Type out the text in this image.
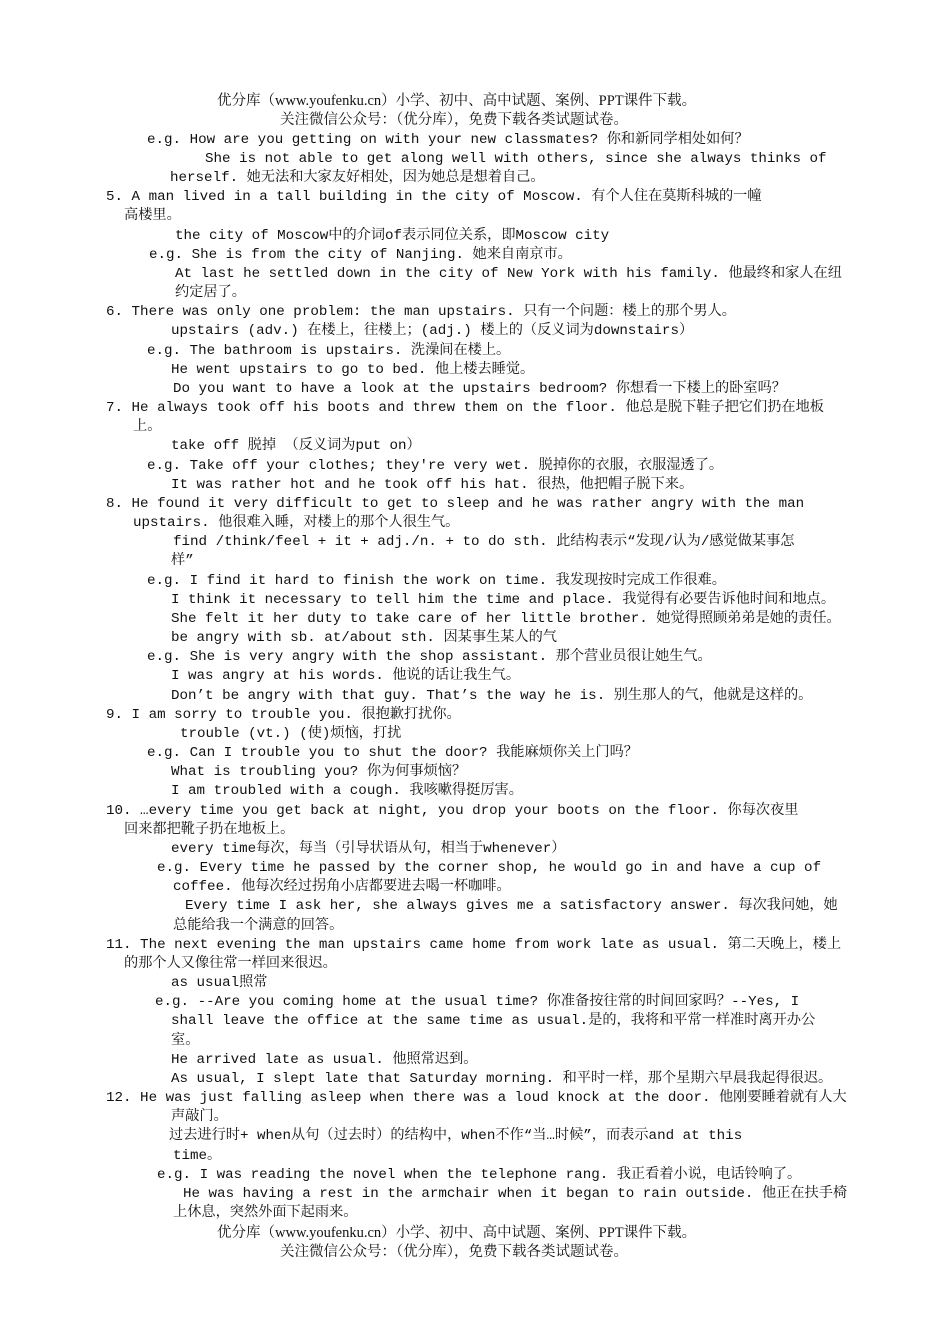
优分库（www.youfenku.cn）小学、初中、高中试题、案例、PPT课件下载。
关注微信公众号：（优分库），免费下载各类试题试卷。
e.g. How are you getting on with your new classmates? 你和新同学相处如何？
She is not able to get along well with others, since she always thinks of
herself. 她无法和大家友好相处，因为她总是想着自己。
5. A man lived in a tall building in the city of Moscow. 有个人住在莫斯科城的一幢
高楼里。
the city of Moscow中的介词of表示同位关系，即Moscow city
e.g. She is from the city of Nanjing. 她来自南京市。
At last he settled down in the city of New York with his family. 他最终和家人在纽
约定居了。
6. There was only one problem: the man upstairs. 只有一个问题：楼上的那个男人。
upstairs (adv.) 在楼上，往楼上；(adj.) 楼上的（反义词为downstairs）
e.g. The bathroom is upstairs. 洗澡间在楼上。
He went upstairs to go to bed. 他上楼去睡觉。
Do you want to have a look at the upstairs bedroom? 你想看一下楼上的卧室吗？
7. He always took off his boots and threw them on the floor. 他总是脱下鞋子把它们扔在地板
上。
take off 脱掉 （反义词为put on）
e.g. Take off your clothes; they're very wet. 脱掉你的衣服，衣服湿透了。
It was rather hot and he took off his hat. 很热，他把帽子脱下来。
8. He found it very difficult to get to sleep and he was rather angry with the man
upstairs. 他很难入睡，对楼上的那个人很生气。
find /think/feel + it + adj./n. + to do sth. 此结构表示“发现/认为/感觉做某事怎
样”
e.g. I find it hard to finish the work on time. 我发现按时完成工作很难。
I think it necessary to tell him the time and place. 我觉得有必要告诉他时间和地点。
She felt it her duty to take care of her little brother. 她觉得照顾弟弟是她的责任。
be angry with sb. at/about sth. 因某事生某人的气
e.g. She is very angry with the shop assistant. 那个营业员很让她生气。
I was angry at his words. 他说的话让我生气。
Don’t be angry with that guy. That’s the way he is. 别生那人的气，他就是这样的。
9. I am sorry to trouble you. 很抱歉打扰你。
trouble (vt.) (使)烦恼，打扰
e.g. Can I trouble you to shut the door? 我能麻烦你关上门吗？
What is troubling you? 你为何事烦恼？
I am troubled with a cough. 我咳嗽得挺厉害。
10. …every time you get back at night, you drop your boots on the floor. 你每次夜里
回来都把靴子扔在地板上。
every time每次，每当（引导状语从句，相当于whenever）
e.g. Every time he passed by the corner shop, he would go in and have a cup of
coffee. 他每次经过拐角小店都要进去喝一杯咖啡。
Every time I ask her, she always gives me a satisfactory answer. 每次我问她，她
总能给我一个满意的回答。
11. The next evening the man upstairs came home from work late as usual. 第二天晚上，楼上
的那个人又像往常一样回来很迟。
as usual照常
e.g. --Are you coming home at the usual time? 你准备按往常的时间回家吗？--Yes, I
shall leave the office at the same time as usual.是的，我将和平常一样准时离开办公
室。
He arrived late as usual. 他照常迟到。
As usual, I slept late that Saturday morning. 和平时一样，那个星期六早晨我起得很迟。
12. He was just falling asleep when there was a loud knock at the door. 他刚要睡着就有人大
声敲门。
过去进行时+ when从句（过去时）的结构中，when不作“当…时候”，而表示and at this
time。
e.g. I was reading the novel when the telephone rang. 我正看着小说，电话铃响了。
He was having a rest in the armchair when it began to rain outside. 他正在扶手椅
上休息，突然外面下起雨来。
优分库（www.youfenku.cn）小学、初中、高中试题、案例、PPT课件下载。
关注微信公众号：（优分库），免费下载各类试题试卷。
